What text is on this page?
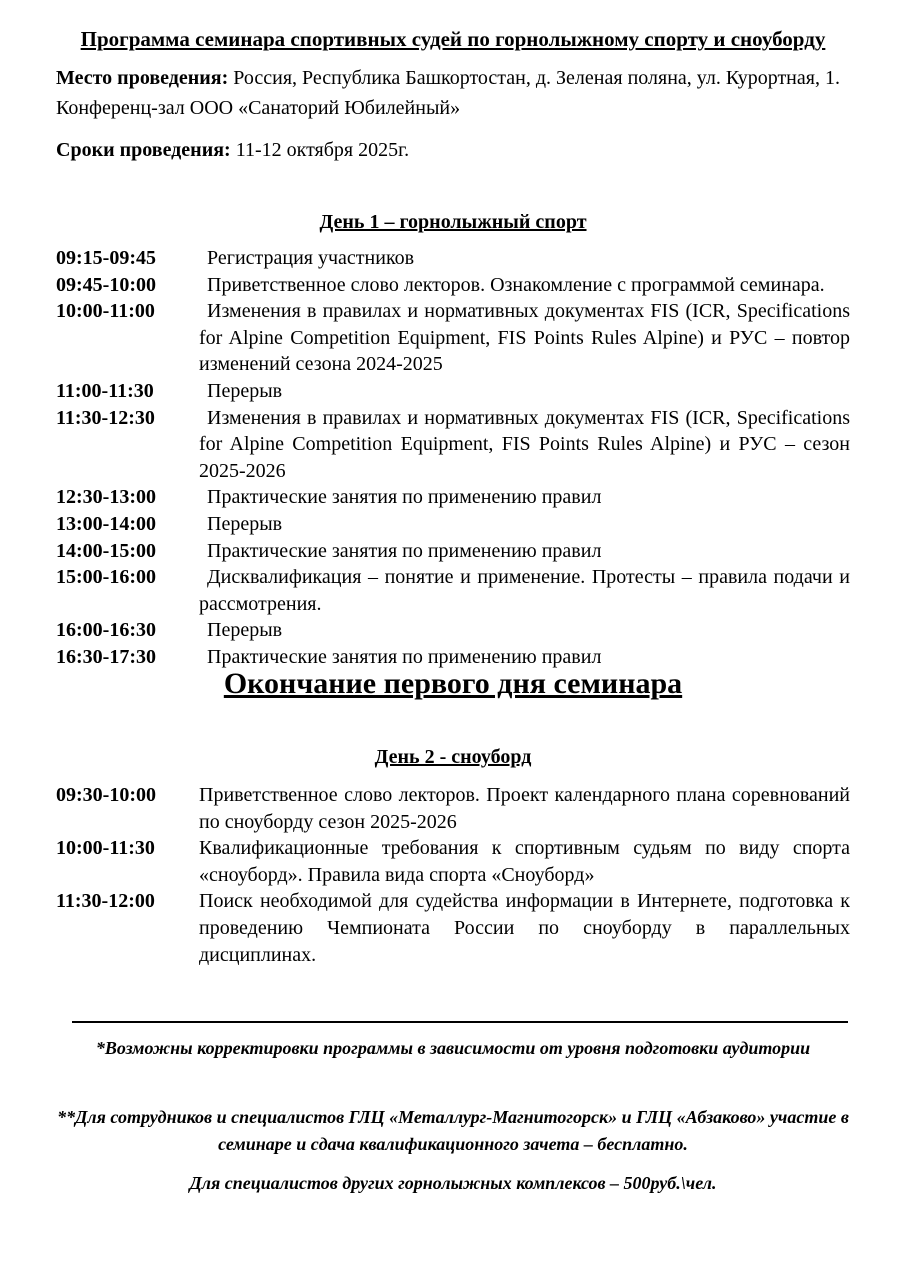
Программа семинара спортивных судей по горнолыжному спорту и сноуборду

Место проведения: Россия, Республика Башкортостан, д. Зеленая поляна, ул. Курортная, 1. Конференц-зал ООО «Санаторий Юбилейный»

Сроки проведения: 11-12 октября 2025г.

День 1 – горнолыжный спорт
09:15-09:45	Регистрация участников
09:45-10:00	Приветственное слово лекторов. Ознакомление с программой семинара.
10:00-11:00	Изменения в правилах и нормативных документах FIS (ICR, Specifications for Alpine Competition Equipment, FIS Points Rules Alpine) и РУС – повтор изменений сезона 2024-2025
11:00-11:30	Перерыв
11:30-12:30	Изменения в правилах и нормативных документах FIS (ICR, Specifications for Alpine Competition Equipment, FIS Points Rules Alpine) и РУС – сезон 2025-2026
12:30-13:00	Практические занятия по применению правил
13:00-14:00	Перерыв
14:00-15:00	Практические занятия по применению правил
15:00-16:00	Дисквалификация – понятие и применение. Протесты – правила подачи и рассмотрения.
16:00-16:30	Перерыв
16:30-17:30	Практические занятия по применению правил
Окончание первого дня семинара
День 2 - сноуборд
09:30-10:00	Приветственное слово лекторов. Проект календарного плана соревнований по сноуборду сезон 2025-2026
10:00-11:30	Квалификационные требования к спортивным судьям по виду спорта «сноуборд». Правила вида спорта «Сноуборд»
11:30-12:00	Поиск необходимой для судейства информации в Интернете, подготовка к проведению Чемпионата России по сноуборду в параллельных дисциплинах.

*Возможны корректировки программы в зависимости от уровня подготовки аудитории

**Для сотрудников и специалистов ГЛЦ «Металлург-Магнитогорск» и ГЛЦ «Абзаково» участие в семинаре и сдача квалификационного зачета – бесплатно.

Для специалистов других горнолыжных комплексов – 500руб.\чел.
